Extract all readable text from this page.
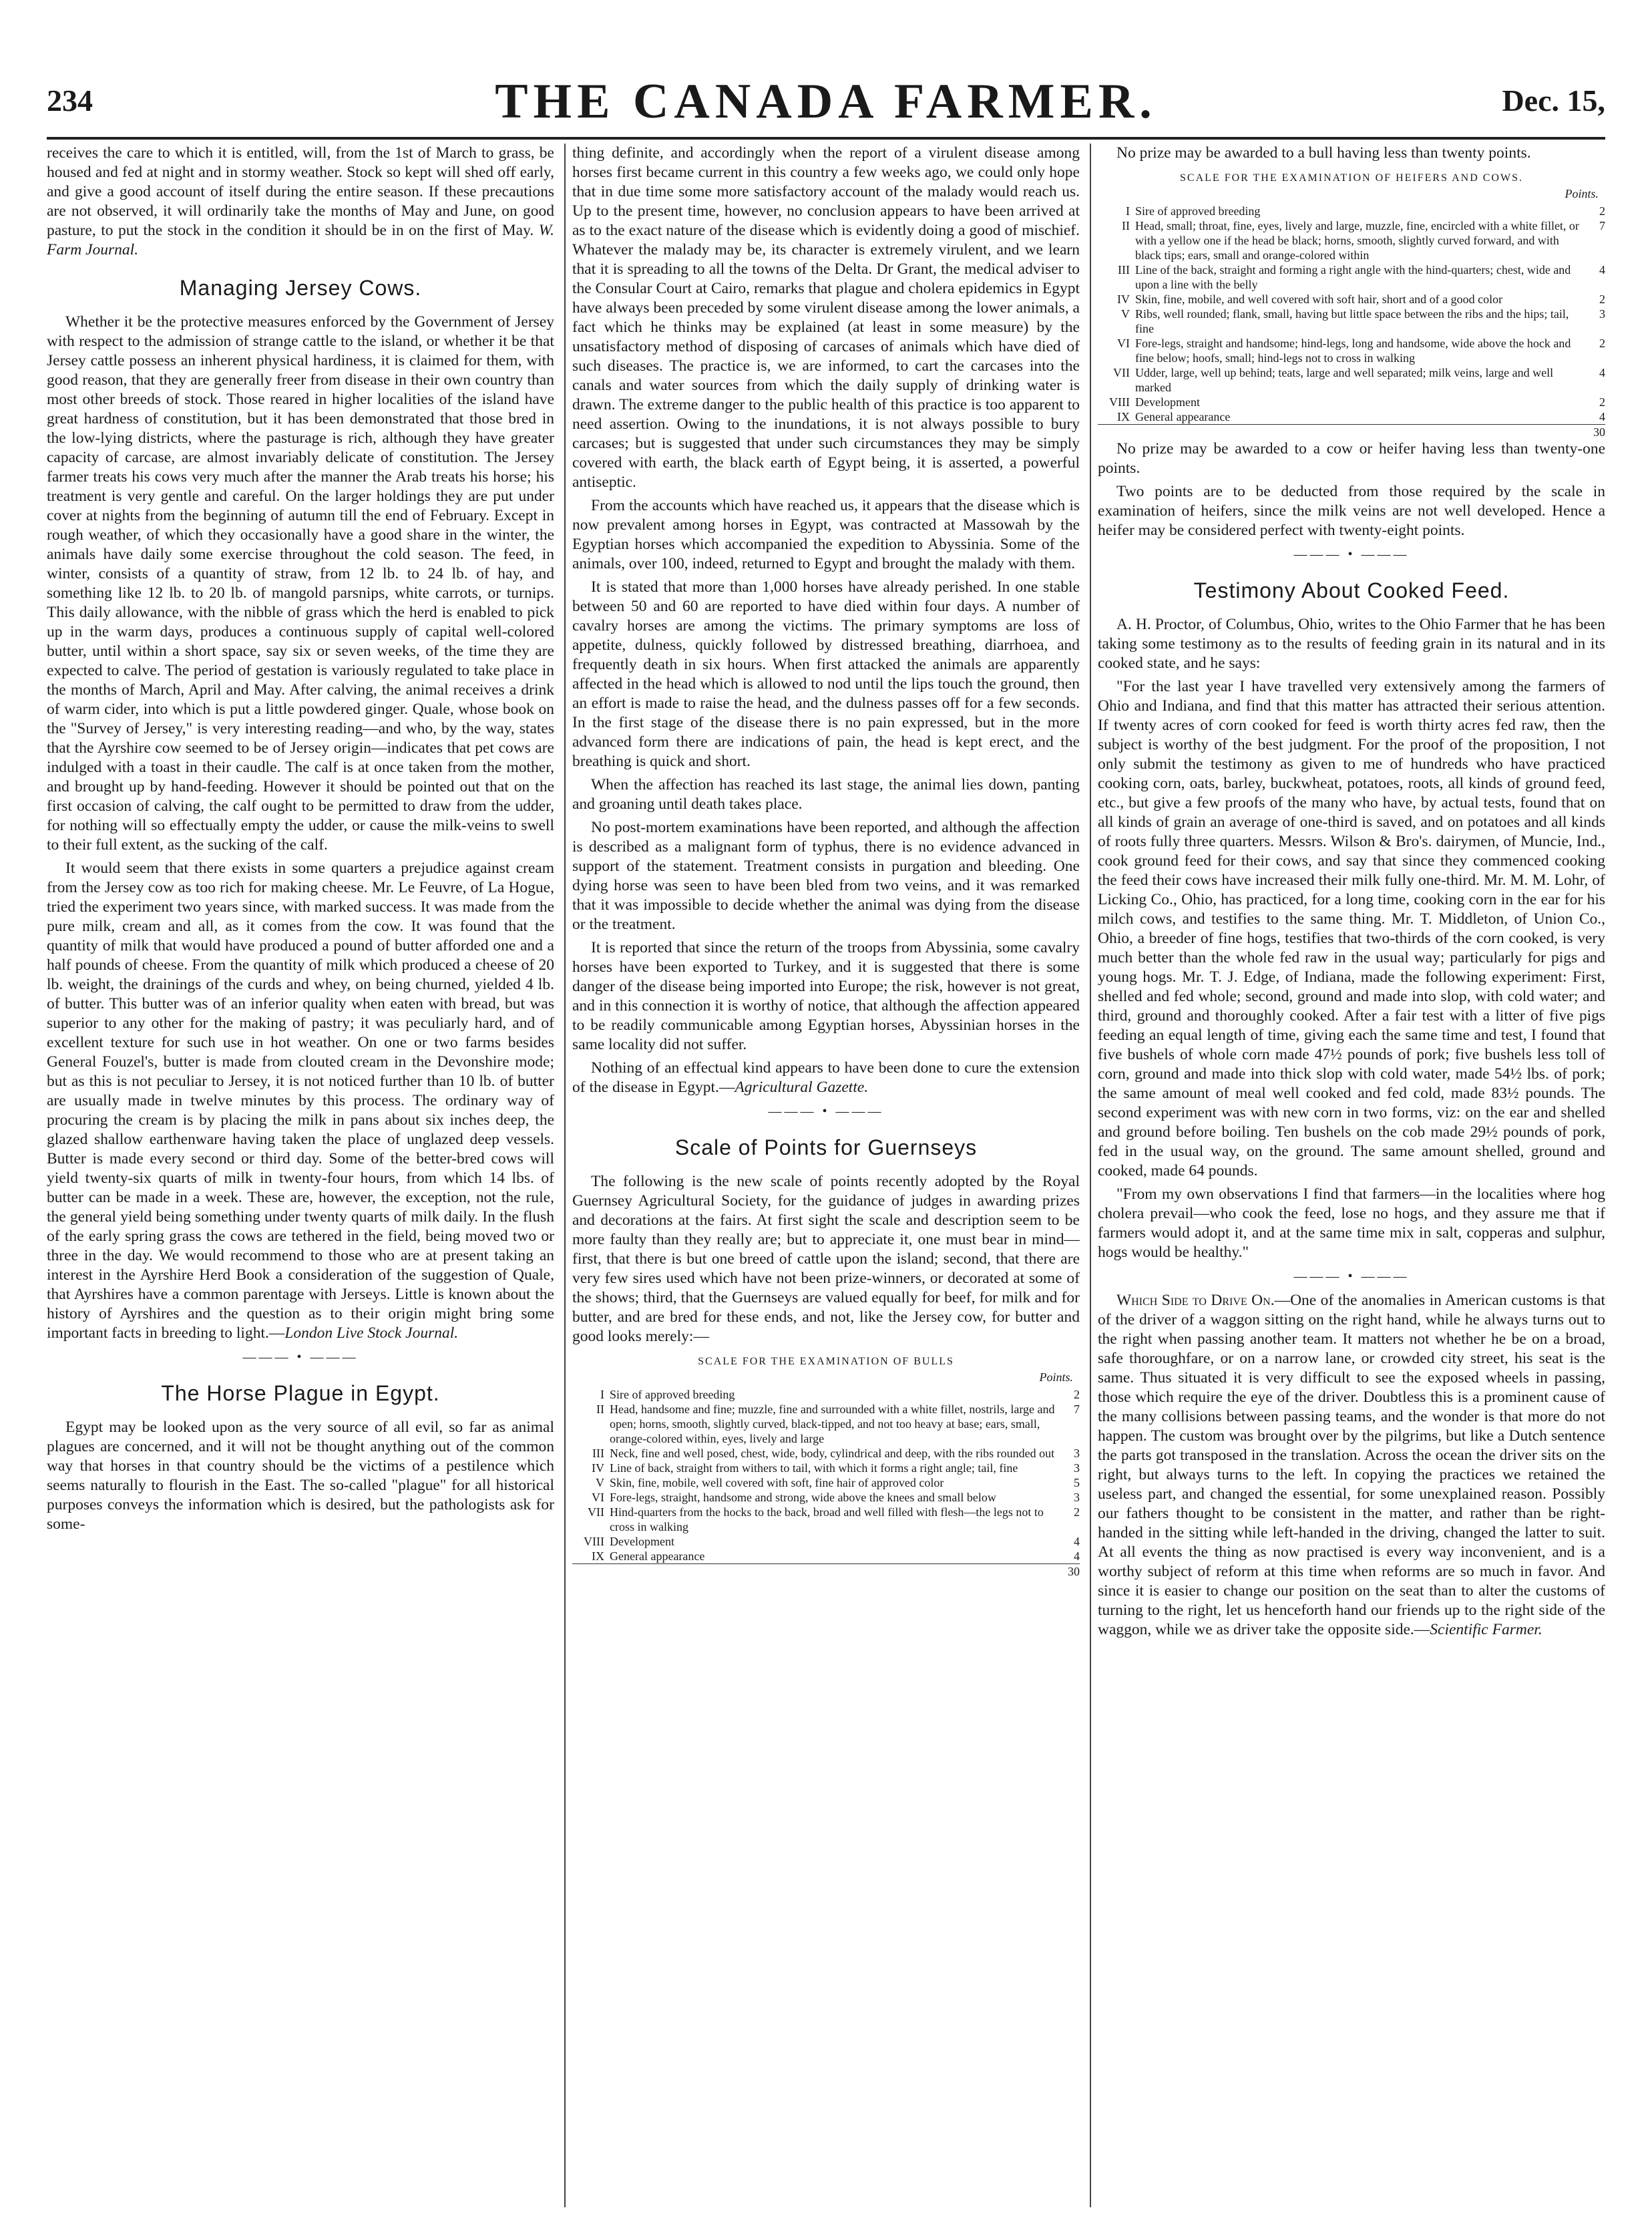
234	THE CANADA FARMER.	Dec. 15,

receives the care to which it is entitled, will, from the 1st of March to grass, be housed and fed at night and in stormy weather. Stock so kept will shed off early, and give a good account of itself during the entire season. If these precautions are not observed, it will ordinarily take the months of May and June, on good pasture, to put the stock in the condition it should be in on the first of May. W. Farm Journal.

Managing Jersey Cows.

Whether it be the protective measures enforced by the Government of Jersey with respect to the admission of strange cattle to the island, or whether it be that Jersey cattle possess an inherent physical hardiness, it is claimed for them, with good reason, that they are generally freer from disease in their own country than most other breeds of stock. Those reared in higher localities of the island have great hardness of constitution, but it has been demonstrated that those bred in the low-lying districts, where the pasturage is rich, although they have greater capacity of carcase, are almost invariably delicate of constitution. The Jersey farmer treats his cows very much after the manner the Arab treats his horse; his treatment is very gentle and careful. On the larger holdings they are put under cover at nights from the beginning of autumn till the end of February. Except in rough weather, of which they occasionally have a good share in the winter, the animals have daily some exercise throughout the cold season. The feed, in winter, consists of a quantity of straw, from 12 lb. to 24 lb. of hay, and something like 12 lb. to 20 lb. of mangold parsnips, white carrots, or turnips. This daily allowance, with the nibble of grass which the herd is enabled to pick up in the warm days, produces a continuous supply of capital well-colored butter, until within a short space, say six or seven weeks, of the time they are expected to calve. The period of gestation is variously regulated to take place in the months of March, April and May. After calving, the animal receives a drink of warm cider, into which is put a little powdered ginger. Quale, whose book on the "Survey of Jersey," is very interesting reading—and who, by the way, states that the Ayrshire cow seemed to be of Jersey origin—indicates that pet cows are indulged with a toast in their caudle. The calf is at once taken from the mother, and brought up by hand-feeding. However it should be pointed out that on the first occasion of calving, the calf ought to be permitted to draw from the udder, for nothing will so effectually empty the udder, or cause the milk-veins to swell to their full extent, as the sucking of the calf.

It would seem that there exists in some quarters a prejudice against cream from the Jersey cow as too rich for making cheese. Mr. Le Feuvre, of La Hogue, tried the experiment two years since, with marked success. It was made from the pure milk, cream and all, as it comes from the cow. It was found that the quantity of milk that would have produced a pound of butter afforded one and a half pounds of cheese. From the quantity of milk which produced a cheese of 20 lb. weight, the drainings of the curds and whey, on being churned, yielded 4 lb. of butter. This butter was of an inferior quality when eaten with bread, but was superior to any other for the making of pastry; it was peculiarly hard, and of excellent texture for such use in hot weather. On one or two farms besides General Fouzel's, butter is made from clouted cream in the Devonshire mode; but as this is not peculiar to Jersey, it is not noticed further than 10 lb. of butter are usually made in twelve minutes by this process. The ordinary way of procuring the cream is by placing the milk in pans about six inches deep, the glazed shallow earthenware having taken the place of unglazed deep vessels. Butter is made every second or third day. Some of the better-bred cows will yield twenty-six quarts of milk in twenty-four hours, from which 14 lbs. of butter can be made in a week. These are, however, the exception, not the rule, the general yield being something under twenty quarts of milk daily. In the flush of the early spring grass the cows are tethered in the field, being moved two or three in the day. We would recommend to those who are at present taking an interest in the Ayrshire Herd Book a consideration of the suggestion of Quale, that Ayrshires have a common parentage with Jerseys. Little is known about the history of Ayrshires and the question as to their origin might bring some important facts in breeding to light.—London Live Stock Journal.

——— • ———
The Horse Plague in Egypt.

Egypt may be looked upon as the very source of all evil, so far as animal plagues are concerned, and it will not be thought anything out of the common way that horses in that country should be the victims of a pestilence which seems naturally to flourish in the East. The so-called "plague" for all historical purposes conveys the information which is desired, but the pathologists ask for some-

thing definite, and accordingly when the report of a virulent disease among horses first became current in this country a few weeks ago, we could only hope that in due time some more satisfactory account of the malady would reach us. Up to the present time, however, no conclusion appears to have been arrived at as to the exact nature of the disease which is evidently doing a good of mischief. Whatever the malady may be, its character is extremely virulent, and we learn that it is spreading to all the towns of the Delta. Dr Grant, the medical adviser to the Consular Court at Cairo, remarks that plague and cholera epidemics in Egypt have always been preceded by some virulent disease among the lower animals, a fact which he thinks may be explained (at least in some measure) by the unsatisfactory method of disposing of carcases of animals which have died of such diseases. The practice is, we are informed, to cart the carcases into the canals and water sources from which the daily supply of drinking water is drawn. The extreme danger to the public health of this practice is too apparent to need assertion. Owing to the inundations, it is not always possible to bury carcases; but is suggested that under such circumstances they may be simply covered with earth, the black earth of Egypt being, it is asserted, a powerful antiseptic.

From the accounts which have reached us, it appears that the disease which is now prevalent among horses in Egypt, was contracted at Massowah by the Egyptian horses which accompanied the expedition to Abyssinia. Some of the animals, over 100, indeed, returned to Egypt and brought the malady with them.

It is stated that more than 1,000 horses have already perished. In one stable between 50 and 60 are reported to have died within four days. A number of cavalry horses are among the victims. The primary symptoms are loss of appetite, dulness, quickly followed by distressed breathing, diarrhoea, and frequently death in six hours. When first attacked the animals are apparently affected in the head which is allowed to nod until the lips touch the ground, then an effort is made to raise the head, and the dulness passes off for a few seconds. In the first stage of the disease there is no pain expressed, but in the more advanced form there are indications of pain, the head is kept erect, and the breathing is quick and short.

When the affection has reached its last stage, the animal lies down, panting and groaning until death takes place.

No post-mortem examinations have been reported, and although the affection is described as a malignant form of typhus, there is no evidence advanced in support of the statement. Treatment consists in purgation and bleeding. One dying horse was seen to have been bled from two veins, and it was remarked that it was impossible to decide whether the animal was dying from the disease or the treatment.

It is reported that since the return of the troops from Abyssinia, some cavalry horses have been exported to Turkey, and it is suggested that there is some danger of the disease being imported into Europe; the risk, however is not great, and in this connection it is worthy of notice, that although the affection appeared to be readily communicable among Egyptian horses, Abyssinian horses in the same locality did not suffer.

Nothing of an effectual kind appears to have been done to cure the extension of the disease in Egypt.—Agricultural Gazette.

——— • ———
Scale of Points for Guernseys

The following is the new scale of points recently adopted by the Royal Guernsey Agricultural Society, for the guidance of judges in awarding prizes and decorations at the fairs. At first sight the scale and description seem to be more faulty than they really are; but to appreciate it, one must bear in mind—first, that there is but one breed of cattle upon the island; second, that there are very few sires used which have not been prize-winners, or decorated at some of the shows; third, that the Guernseys are valued equally for beef, for milk and for butter, and are bred for these ends, and not, like the Jersey cow, for butter and good looks merely:—

SCALE FOR THE EXAMINATION OF BULLS
Points.
I	Sire of approved breeding	2
II	Head, handsome and fine; muzzle, fine and surrounded with a white fillet, nostrils, large and open; horns, smooth, slightly curved, black-tipped, and not too heavy at base; ears, small, orange-colored within, eyes, lively and large	7
III	Neck, fine and well posed, chest, wide, body, cylindrical and deep, with the ribs rounded out	3
IV	Line of back, straight from withers to tail, with which it forms a right angle; tail, fine	3
V	Skin, fine, mobile, well covered with soft, fine hair of approved color	5
VI	Fore-legs, straight, handsome and strong, wide above the knees and small below	3
VII	Hind-quarters from the hocks to the back, broad and well filled with flesh—the legs not to cross in walking	2
VIII	Development	4
IX	General appearance	4
		30

No prize may be awarded to a bull having less than twenty points.

SCALE FOR THE EXAMINATION OF HEIFERS AND COWS.
Points.
I	Sire of approved breeding	2
II	Head, small; throat, fine, eyes, lively and large, muzzle, fine, encircled with a white fillet, or with a yellow one if the head be black; horns, smooth, slightly curved forward, and with black tips; ears, small and orange-colored within	7
III	Line of the back, straight and forming a right angle with the hind-quarters; chest, wide and upon a line with the belly	4
IV	Skin, fine, mobile, and well covered with soft hair, short and of a good color	2
V	Ribs, well rounded; flank, small, having but little space between the ribs and the hips; tail, fine	3
VI	Fore-legs, straight and handsome; hind-legs, long and handsome, wide above the hock and fine below; hoofs, small; hind-legs not to cross in walking	2
VII	Udder, large, well up behind; teats, large and well separated; milk veins, large and well marked	4
VIII	Development	2
IX	General appearance	4
		30

No prize may be awarded to a cow or heifer having less than twenty-one points.

Two points are to be deducted from those required by the scale in examination of heifers, since the milk veins are not well developed. Hence a heifer may be considered perfect with twenty-eight points.

——— • ———
Testimony About Cooked Feed.

A. H. Proctor, of Columbus, Ohio, writes to the Ohio Farmer that he has been taking some testimony as to the results of feeding grain in its natural and in its cooked state, and he says:

"For the last year I have travelled very extensively among the farmers of Ohio and Indiana, and find that this matter has attracted their serious attention. If twenty acres of corn cooked for feed is worth thirty acres fed raw, then the subject is worthy of the best judgment. For the proof of the proposition, I not only submit the testimony as given to me of hundreds who have practiced cooking corn, oats, barley, buckwheat, potatoes, roots, all kinds of ground feed, etc., but give a few proofs of the many who have, by actual tests, found that on all kinds of grain an average of one-third is saved, and on potatoes and all kinds of roots fully three quarters. Messrs. Wilson & Bro's. dairymen, of Muncie, Ind., cook ground feed for their cows, and say that since they commenced cooking the feed their cows have increased their milk fully one-third. Mr. M. M. Lohr, of Licking Co., Ohio, has practiced, for a long time, cooking corn in the ear for his milch cows, and testifies to the same thing. Mr. T. Middleton, of Union Co., Ohio, a breeder of fine hogs, testifies that two-thirds of the corn cooked, is very much better than the whole fed raw in the usual way; particularly for pigs and young hogs. Mr. T. J. Edge, of Indiana, made the following experiment: First, shelled and fed whole; second, ground and made into slop, with cold water; and third, ground and thoroughly cooked. After a fair test with a litter of five pigs feeding an equal length of time, giving each the same time and test, I found that five bushels of whole corn made 47½ pounds of pork; five bushels less toll of corn, ground and made into thick slop with cold water, made 54½ lbs. of pork; the same amount of meal well cooked and fed cold, made 83½ pounds. The second experiment was with new corn in two forms, viz: on the ear and shelled and ground before boiling. Ten bushels on the cob made 29½ pounds of pork, fed in the usual way, on the ground. The same amount shelled, ground and cooked, made 64 pounds.

"From my own observations I find that farmers—in the localities where hog cholera prevail—who cook the feed, lose no hogs, and they assure me that if farmers would adopt it, and at the same time mix in salt, copperas and sulphur, hogs would be healthy."

——— • ———

Which Side to Drive On.—One of the anomalies in American customs is that of the driver of a waggon sitting on the right hand, while he always turns out to the right when passing another team. It matters not whether he be on a broad, safe thoroughfare, or on a narrow lane, or crowded city street, his seat is the same. Thus situated it is very difficult to see the exposed wheels in passing, those which require the eye of the driver. Doubtless this is a prominent cause of the many collisions between passing teams, and the wonder is that more do not happen. The custom was brought over by the pilgrims, but like a Dutch sentence the parts got transposed in the translation. Across the ocean the driver sits on the right, but always turns to the left. In copying the practices we retained the useless part, and changed the essential, for some unexplained reason. Possibly our fathers thought to be consistent in the matter, and rather than be right-handed in the sitting while left-handed in the driving, changed the latter to suit. At all events the thing as now practised is every way inconvenient, and is a worthy subject of reform at this time when reforms are so much in favor. And since it is easier to change our position on the seat than to alter the customs of turning to the right, let us henceforth hand our friends up to the right side of the waggon, while we as driver take the opposite side.—Scientific Farmer.
